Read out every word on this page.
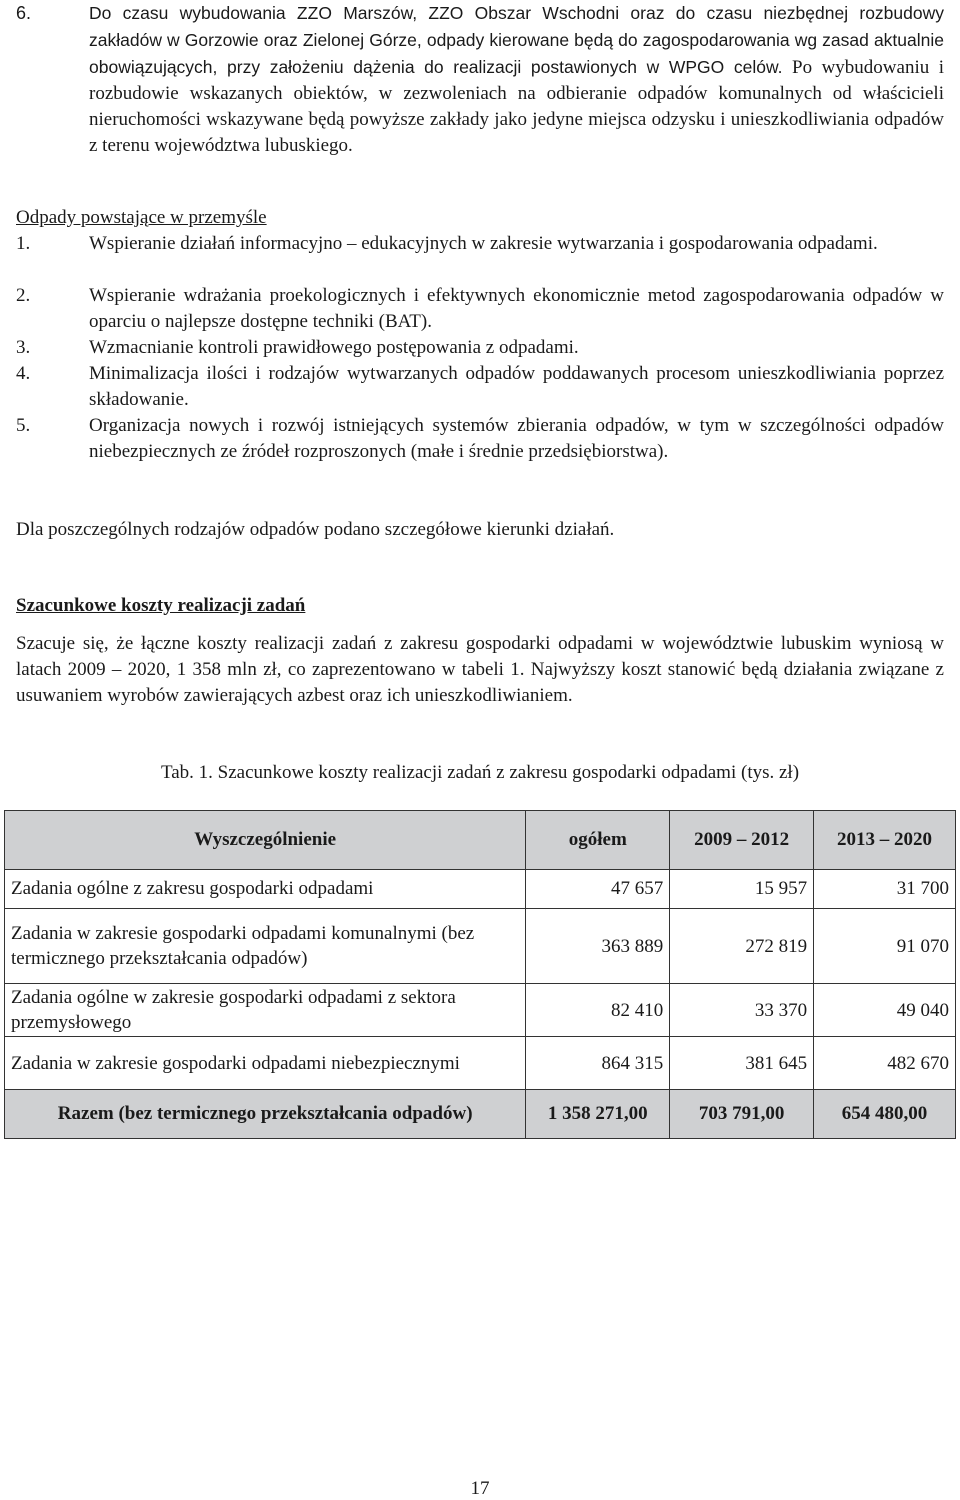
6.	Do czasu wybudowania ZZO Marszów, ZZO Obszar Wschodni oraz do czasu niezbędnej rozbudowy zakładów w Gorzowie oraz Zielonej Górze, odpady kierowane będą do zagospodarowania wg zasad aktualnie obowiązujących, przy założeniu dążenia do realizacji postawionych w WPGO celów. Po wybudowaniu i rozbudowie wskazanych obiektów, w zezwoleniach na odbieranie odpadów komunalnych od właścicieli nieruchomości wskazywane będą powyższe zakłady jako jedyne miejsca odzysku i unieszkodliwiania odpadów z terenu województwa lubuskiego.
Odpady powstające w przemyśle
1.	Wspieranie działań informacyjno – edukacyjnych w zakresie wytwarzania i gospodarowania odpadami.
2.	Wspieranie wdrażania proekologicznych i efektywnych ekonomicznie metod zagospodarowania odpadów w oparciu o najlepsze dostępne techniki (BAT).
3.	Wzmacnianie kontroli prawidłowego postępowania z odpadami.
4.	Minimalizacja ilości i rodzajów wytwarzanych odpadów poddawanych procesom unieszkodliwiania poprzez składowanie.
5.	Organizacja nowych i rozwój istniejących systemów zbierania odpadów, w tym w szczególności odpadów niebezpiecznych ze źródeł rozproszonych (małe i średnie przedsiębiorstwa).
Dla poszczególnych rodzajów odpadów podano szczegółowe kierunki działań.
Szacunkowe koszty realizacji zadań
Szacuje się, że łączne koszty realizacji zadań z zakresu gospodarki odpadami w województwie lubuskim wyniosą w latach 2009 – 2020, 1 358 mln zł, co zaprezentowano w tabeli 1. Najwyższy koszt stanowić będą działania związane z usuwaniem wyrobów zawierających azbest oraz ich unieszkodliwianiem.
Tab. 1. Szacunkowe koszty realizacji zadań z zakresu gospodarki odpadami (tys. zł)
Wyszczególnienie	ogółem	2009 – 2012	2013 – 2020
Zadania ogólne z zakresu gospodarki odpadami	47 657	15 957	31 700
Zadania w zakresie gospodarki odpadami komunalnymi (bez termicznego przekształcania odpadów)	363 889	272 819	91 070
Zadania ogólne w zakresie gospodarki odpadami z sektora przemysłowego	82 410	33 370	49 040
Zadania w zakresie gospodarki odpadami niebezpiecznymi	864 315	381 645	482 670
Razem (bez termicznego przekształcania odpadów)	1 358 271,00	703 791,00	654 480,00
17
